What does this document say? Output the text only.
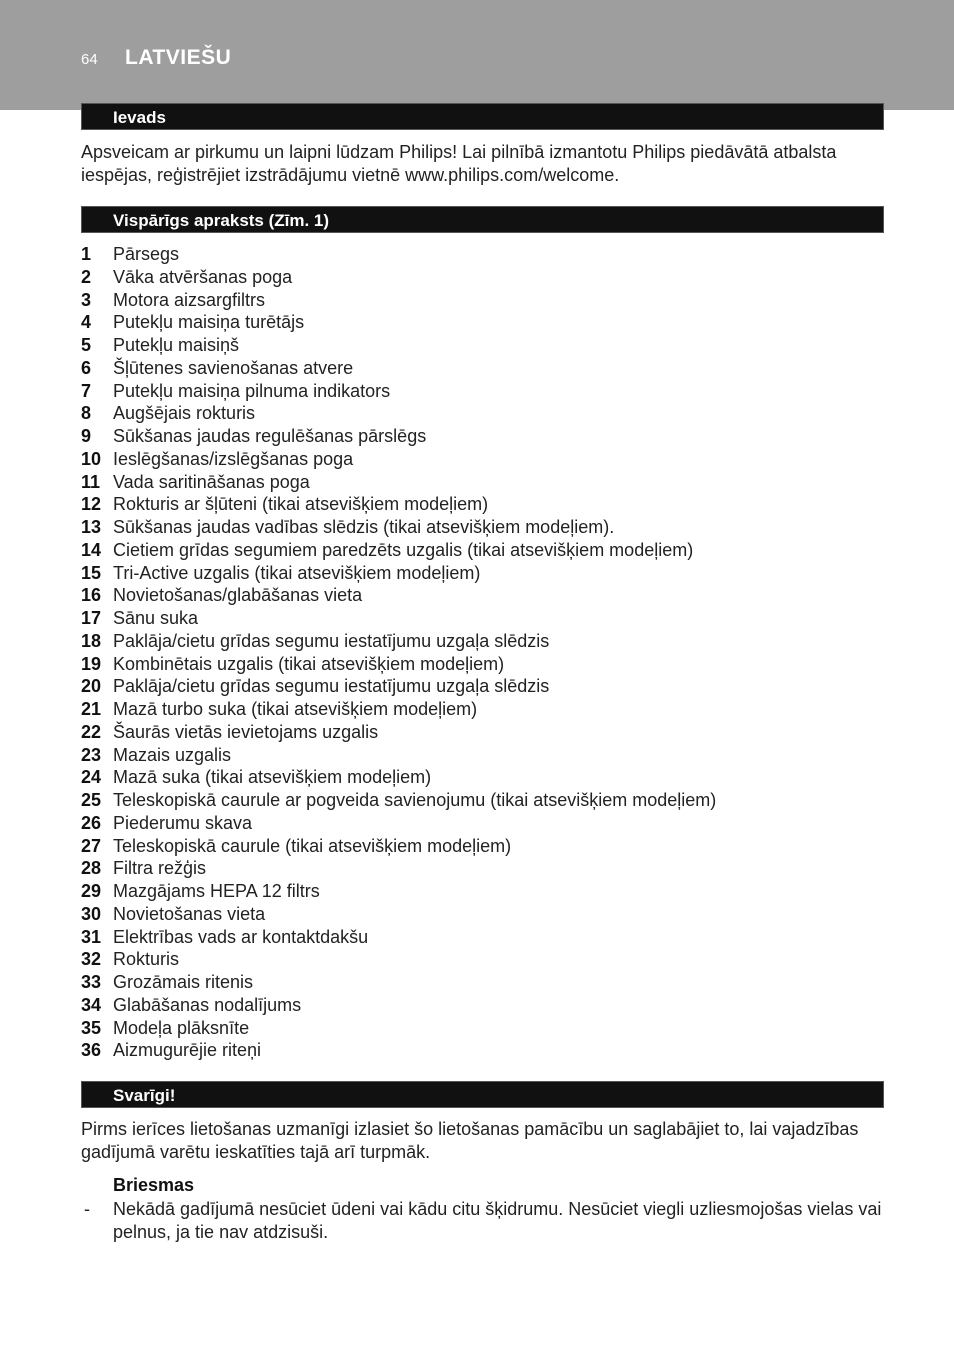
64 LATVIEŠU
Ievads
Apsveicam ar pirkumu un laipni lūdzam Philips! Lai pilnībā izmantotu Philips piedāvātā atbalsta iespējas, reģistrējiet izstrādājumu vietnē www.philips.com/welcome.
Vispārīgs apraksts (Zīm. 1)
1 Pārsegs
2 Vāka atvēršanas poga
3 Motora aizsargfiltrs
4 Putekļu maisiņa turētājs
5 Putekļu maisiņš
6 Šļūtenes savienošanas atvere
7 Putekļu maisiņa pilnuma indikators
8 Augšējais rokturis
9 Sūkšanas jaudas regulēšanas pārslēgs
10 Ieslēgšanas/izslēgšanas poga
11 Vada saritināšanas poga
12 Rokturis ar šļūteni (tikai atsevišķiem modeļiem)
13 Sūkšanas jaudas vadības slēdzis (tikai atsevišķiem modeļiem).
14 Cietiem grīdas segumiem paredzēts uzgalis (tikai atsevišķiem modeļiem)
15 Tri-Active uzgalis (tikai atsevišķiem modeļiem)
16 Novietošanas/glabāšanas vieta
17 Sānu suka
18 Paklāja/cietu grīdas segumu iestatījumu uzgaļa slēdzis
19 Kombinētais uzgalis (tikai atsevišķiem modeļiem)
20 Paklāja/cietu grīdas segumu iestatījumu uzgaļa slēdzis
21 Mazā turbo suka (tikai atsevišķiem modeļiem)
22 Šaurās vietās ievietojams uzgalis
23 Mazais uzgalis
24 Mazā suka (tikai atsevišķiem modeļiem)
25 Teleskopiskā caurule ar pogveida savienojumu (tikai atsevišķiem modeļiem)
26 Piederumu skava
27 Teleskopiskā caurule (tikai atsevišķiem modeļiem)
28 Filtra režģis
29 Mazgājams HEPA 12 filtrs
30 Novietošanas vieta
31 Elektrības vads ar kontaktdakšu
32 Rokturis
33 Grozāmais ritenis
34 Glabāšanas nodalījums
35 Modeļa plāksnīte
36 Aizmugurējie riteņi
Svarīgi!
Pirms ierīces lietošanas uzmanīgi izlasiet šo lietošanas pamācību un saglabājiet to, lai vajadzības gadījumā varētu ieskatīties tajā arī turpmāk.
Briesmas
- Nekādā gadījumā nesūciet ūdeni vai kādu citu šķidrumu. Nesūciet viegli uzliesmojošas vielas vai pelnus, ja tie nav atdzisuši.
